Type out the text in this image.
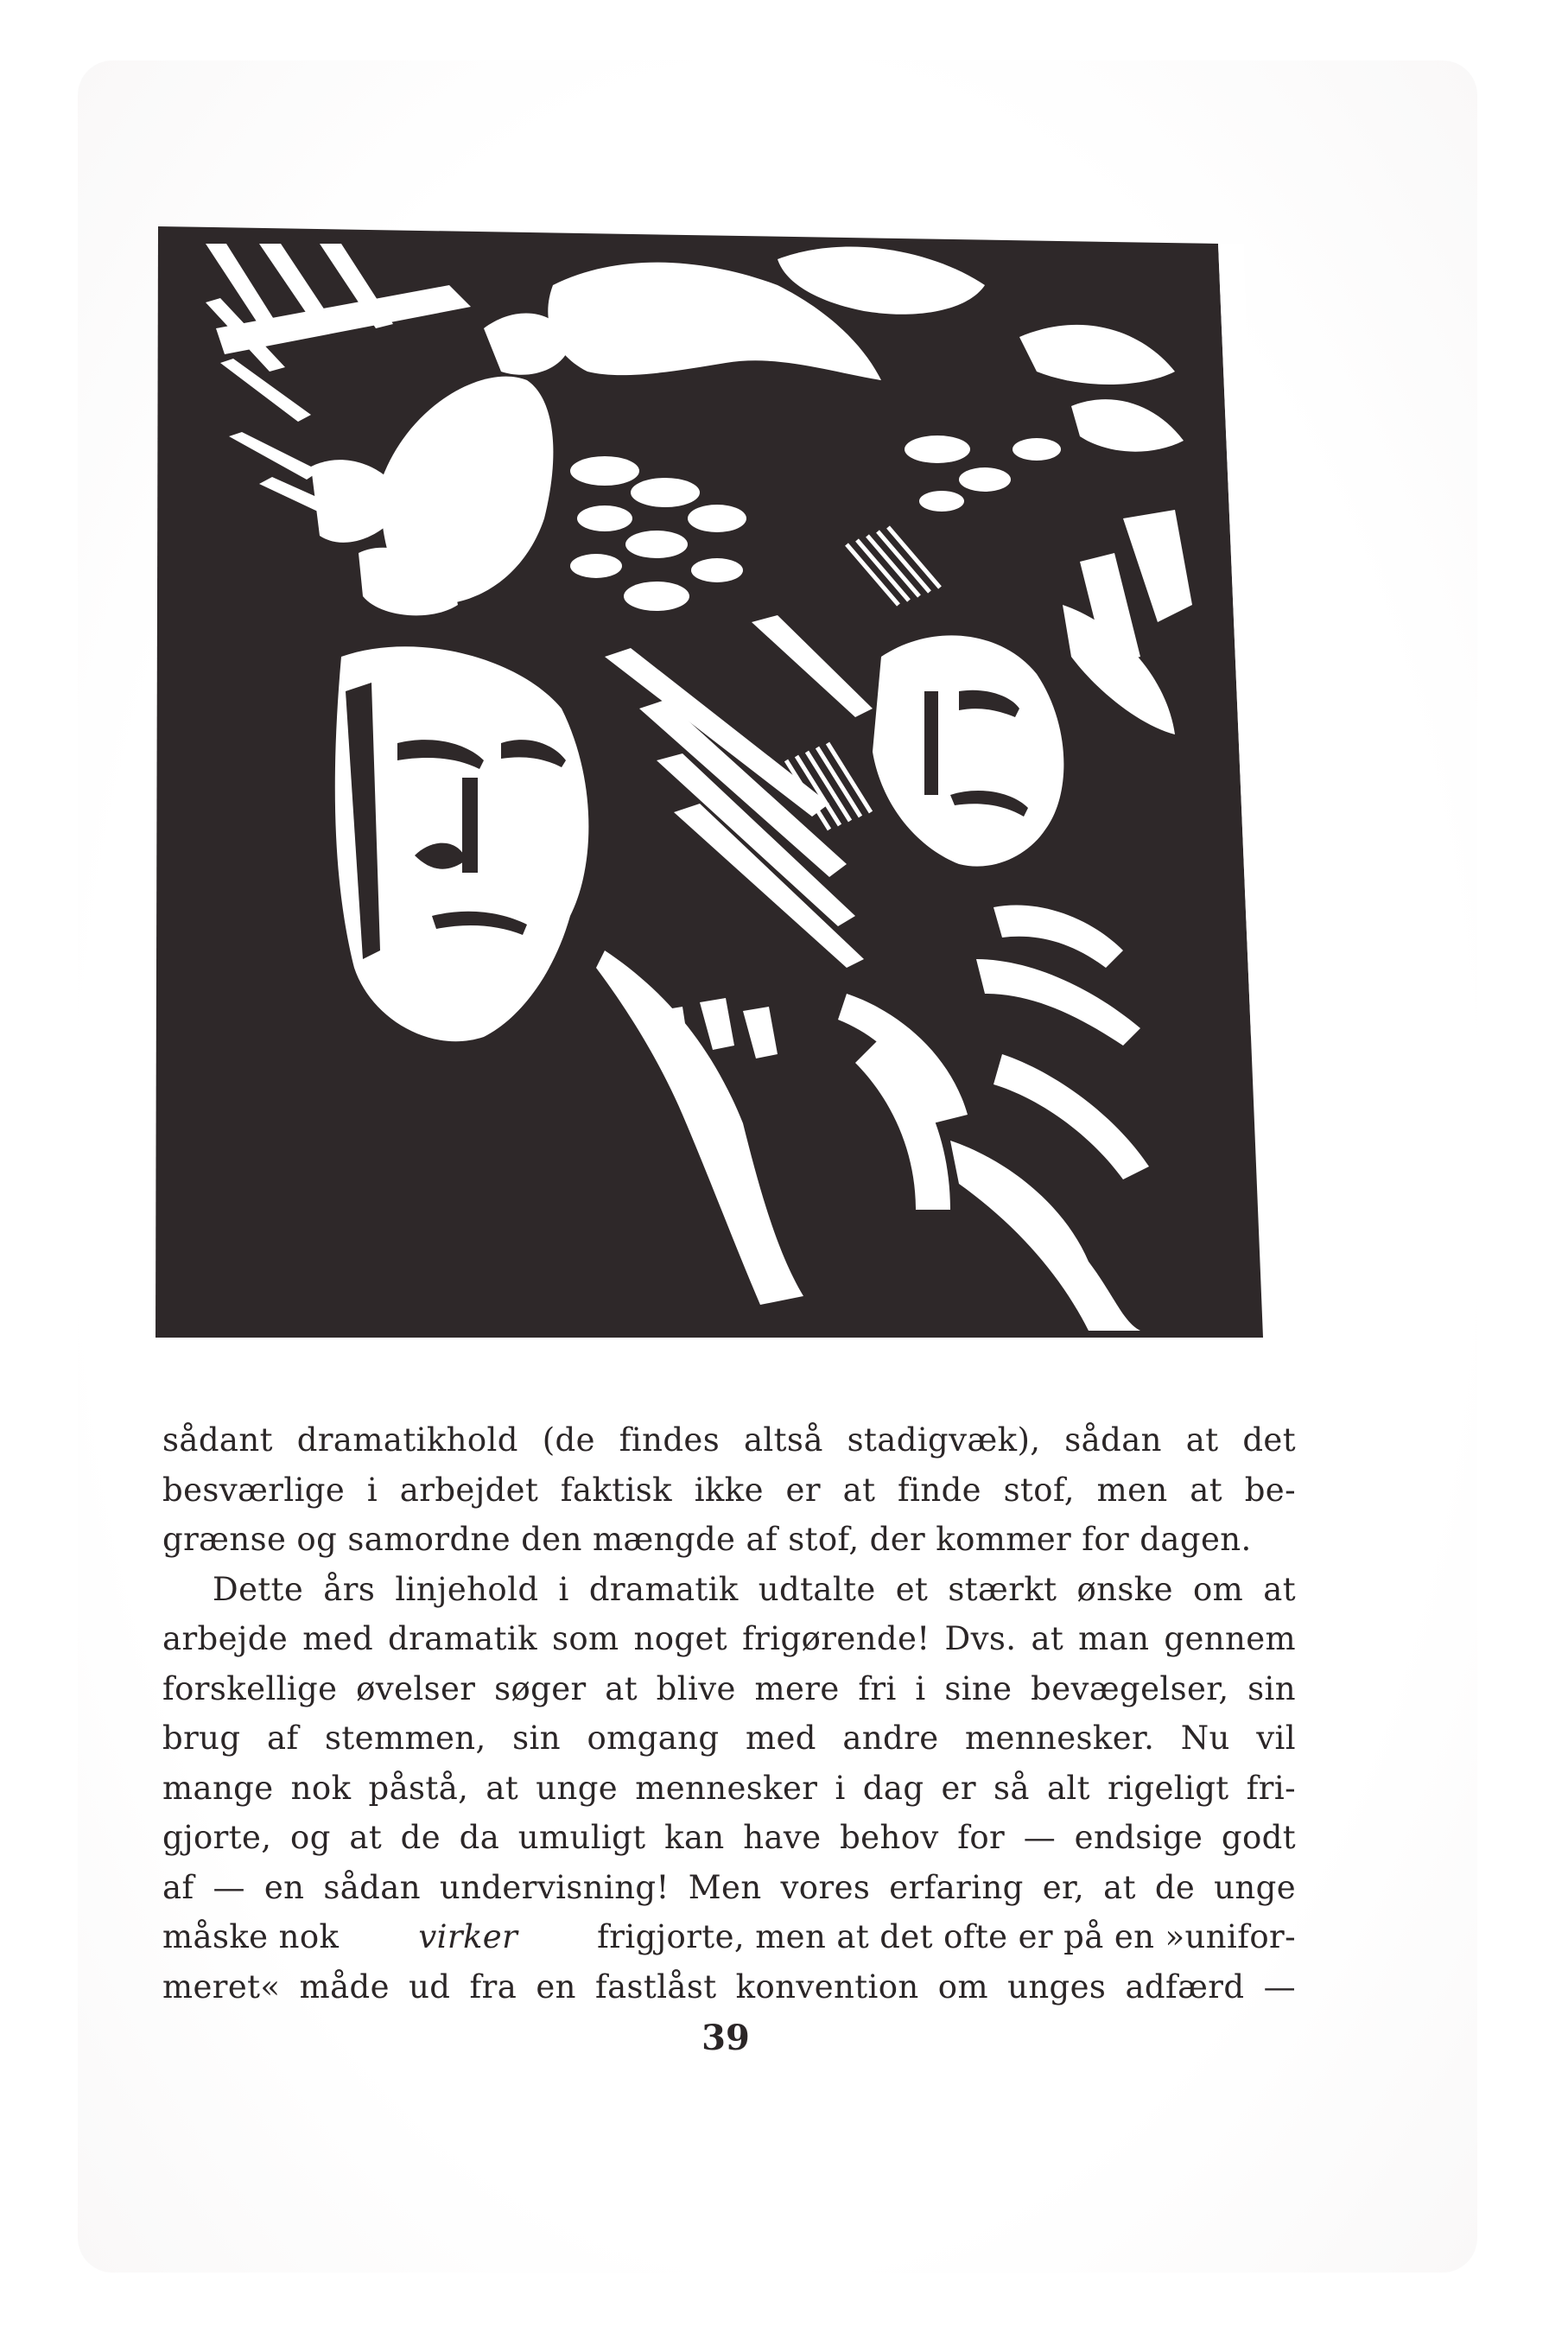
sådant dramatikhold (de findes altså stadigvæk), sådan at det
besværlige i arbejdet faktisk ikke er at finde stof, men at be-
grænse og samordne den mængde af stof, der kommer for dagen.
Dette års linjehold i dramatik udtalte et stærkt ønske om at
arbejde med dramatik som noget frigørende! Dvs. at man gennem
forskellige øvelser søger at blive mere fri i sine bevægelser, sin
brug af stemmen, sin omgang med andre mennesker. Nu vil
mange nok påstå, at unge mennesker i dag er så alt rigeligt fri-
gjorte, og at de da umuligt kan have behov for — endsige godt
af — en sådan undervisning! Men vores erfaring er, at de unge
måske nok virker frigjorte, men at det ofte er på en »unifor-
meret« måde ud fra en fastlåst konvention om unges adfærd —
39
